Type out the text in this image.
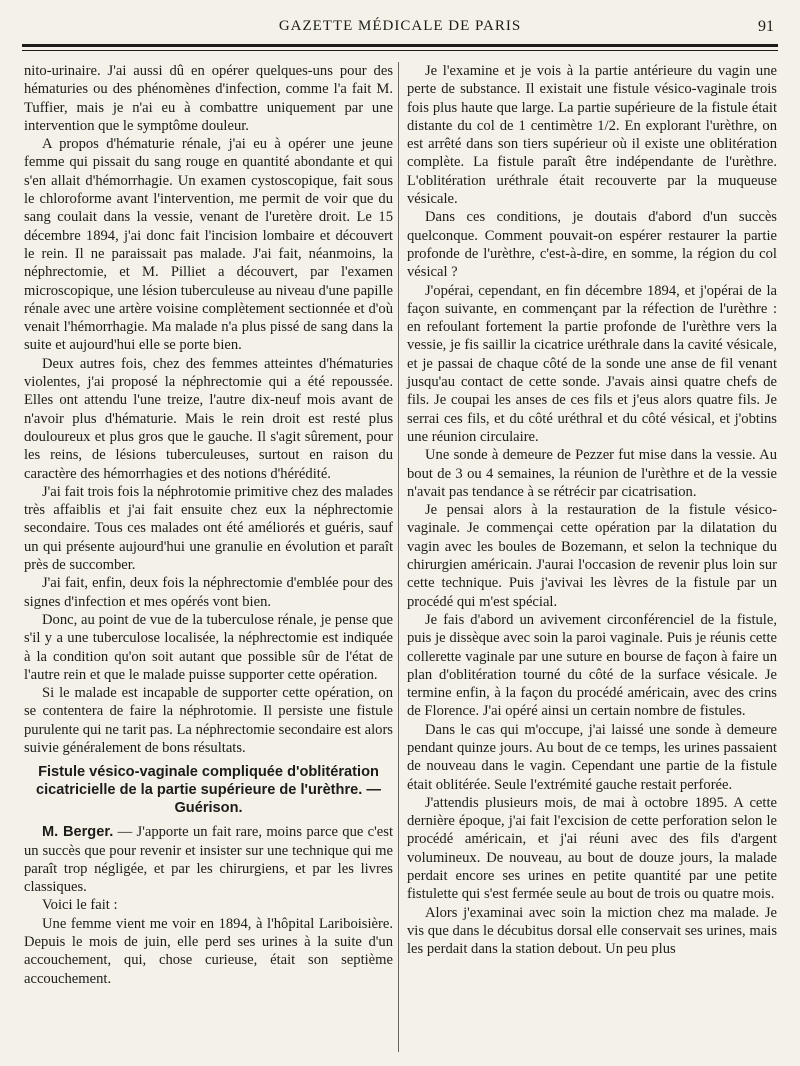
GAZETTE MÉDICALE DE PARIS	91

nito-urinaire. J'ai aussi dû en opérer quelques-uns pour des hématuries ou des phénomènes d'infection, comme l'a fait M. Tuffier, mais je n'ai eu à combattre uniquement par une intervention que le symptôme douleur.

A propos d'hématurie rénale, j'ai eu à opérer une jeune femme qui pissait du sang rouge en quantité abondante et qui s'en allait d'hémorrhagie. Un examen cystoscopique, fait sous le chloroforme avant l'intervention, me permit de voir que du sang coulait dans la vessie, venant de l'uretère droit. Le 15 décembre 1894, j'ai donc fait l'incision lombaire et découvert le rein. Il ne paraissait pas malade. J'ai fait, néanmoins, la néphrectomie, et M. Pilliet a découvert, par l'examen microscopique, une lésion tuberculeuse au niveau d'une papille rénale avec une artère voisine complètement sectionnée et d'où venait l'hémorrhagie. Ma malade n'a plus pissé de sang dans la suite et aujourd'hui elle se porte bien.

Deux autres fois, chez des femmes atteintes d'hématuries violentes, j'ai proposé la néphrectomie qui a été repoussée. Elles ont attendu l'une treize, l'autre dix-neuf mois avant de n'avoir plus d'hématurie. Mais le rein droit est resté plus douloureux et plus gros que le gauche. Il s'agit sûrement, pour les reins, de lésions tuberculeuses, surtout en raison du caractère des hémorrhagies et des notions d'hérédité.

J'ai fait trois fois la néphrotomie primitive chez des malades très affaiblis et j'ai fait ensuite chez eux la néphrectomie secondaire. Tous ces malades ont été améliorés et guéris, sauf un qui présente aujourd'hui une granulie en évolution et paraît près de succomber.

J'ai fait, enfin, deux fois la néphrectomie d'emblée pour des signes d'infection et mes opérés vont bien.

Donc, au point de vue de la tuberculose rénale, je pense que s'il y a une tuberculose localisée, la néphrectomie est indiquée à la condition qu'on soit autant que possible sûr de l'état de l'autre rein et que le malade puisse supporter cette opération.

Si le malade est incapable de supporter cette opération, on se contentera de faire la néphrotomie. Il persiste une fistule purulente qui ne tarit pas. La néphrectomie secondaire est alors suivie généralement de bons résultats.

Fistule vésico-vaginale compliquée d'oblitération cicatricielle de la partie supérieure de l'urèthre. — Guérison.

M. Berger. — J'apporte un fait rare, moins parce que c'est un succès que pour revenir et insister sur une technique qui me paraît trop négligée, et par les chirurgiens, et par les livres classiques.

Voici le fait :

Une femme vient me voir en 1894, à l'hôpital Lariboisière. Depuis le mois de juin, elle perd ses urines à la suite d'un accouchement, qui, chose curieuse, était son septième accouchement.

Je l'examine et je vois à la partie antérieure du vagin une perte de substance. Il existait une fistule vésico-vaginale trois fois plus haute que large. La partie supérieure de la fistule était distante du col de 1 centimètre 1/2. En explorant l'urèthre, on est arrêté dans son tiers supérieur où il existe une oblitération complète. La fistule paraît être indépendante de l'urèthre. L'oblitération uréthrale était recouverte par la muqueuse vésicale.

Dans ces conditions, je doutais d'abord d'un succès quelconque. Comment pouvait-on espérer restaurer la partie profonde de l'urèthre, c'est-à-dire, en somme, la région du col vésical ?

J'opérai, cependant, en fin décembre 1894, et j'opérai de la façon suivante, en commençant par la réfection de l'urèthre : en refoulant fortement la partie profonde de l'urèthre vers la vessie, je fis saillir la cicatrice uréthrale dans la cavité vésicale, et je passai de chaque côté de la sonde une anse de fil venant jusqu'au contact de cette sonde. J'avais ainsi quatre chefs de fils. Je coupai les anses de ces fils et j'eus alors quatre fils. Je serrai ces fils, et du côté uréthral et du côté vésical, et j'obtins une réunion circulaire.

Une sonde à demeure de Pezzer fut mise dans la vessie. Au bout de 3 ou 4 semaines, la réunion de l'urèthre et de la vessie n'avait pas tendance à se rétrécir par cicatrisation.

Je pensai alors à la restauration de la fistule vésico-vaginale. Je commençai cette opération par la dilatation du vagin avec les boules de Bozemann, et selon la technique du chirurgien américain. J'aurai l'occasion de revenir plus loin sur cette technique. Puis j'avivai les lèvres de la fistule par un procédé qui m'est spécial.

Je fais d'abord un avivement circonférenciel de la fistule, puis je dissèque avec soin la paroi vaginale. Puis je réunis cette collerette vaginale par une suture en bourse de façon à faire un plan d'oblitération tourné du côté de la surface vésicale. Je termine enfin, à la façon du procédé américain, avec des crins de Florence. J'ai opéré ainsi un certain nombre de fistules.

Dans le cas qui m'occupe, j'ai laissé une sonde à demeure pendant quinze jours. Au bout de ce temps, les urines passaient de nouveau dans le vagin. Cependant une partie de la fistule était oblitérée. Seule l'extrémité gauche restait perforée.

J'attendis plusieurs mois, de mai à octobre 1895. A cette dernière époque, j'ai fait l'excision de cette perforation selon le procédé américain, et j'ai réuni avec des fils d'argent volumineux. De nouveau, au bout de douze jours, la malade perdait encore ses urines en petite quantité par une petite fistulette qui s'est fermée seule au bout de trois ou quatre mois.

Alors j'examinai avec soin la miction chez ma malade. Je vis que dans le décubitus dorsal elle conservait ses urines, mais les perdait dans la station debout. Un peu plus
